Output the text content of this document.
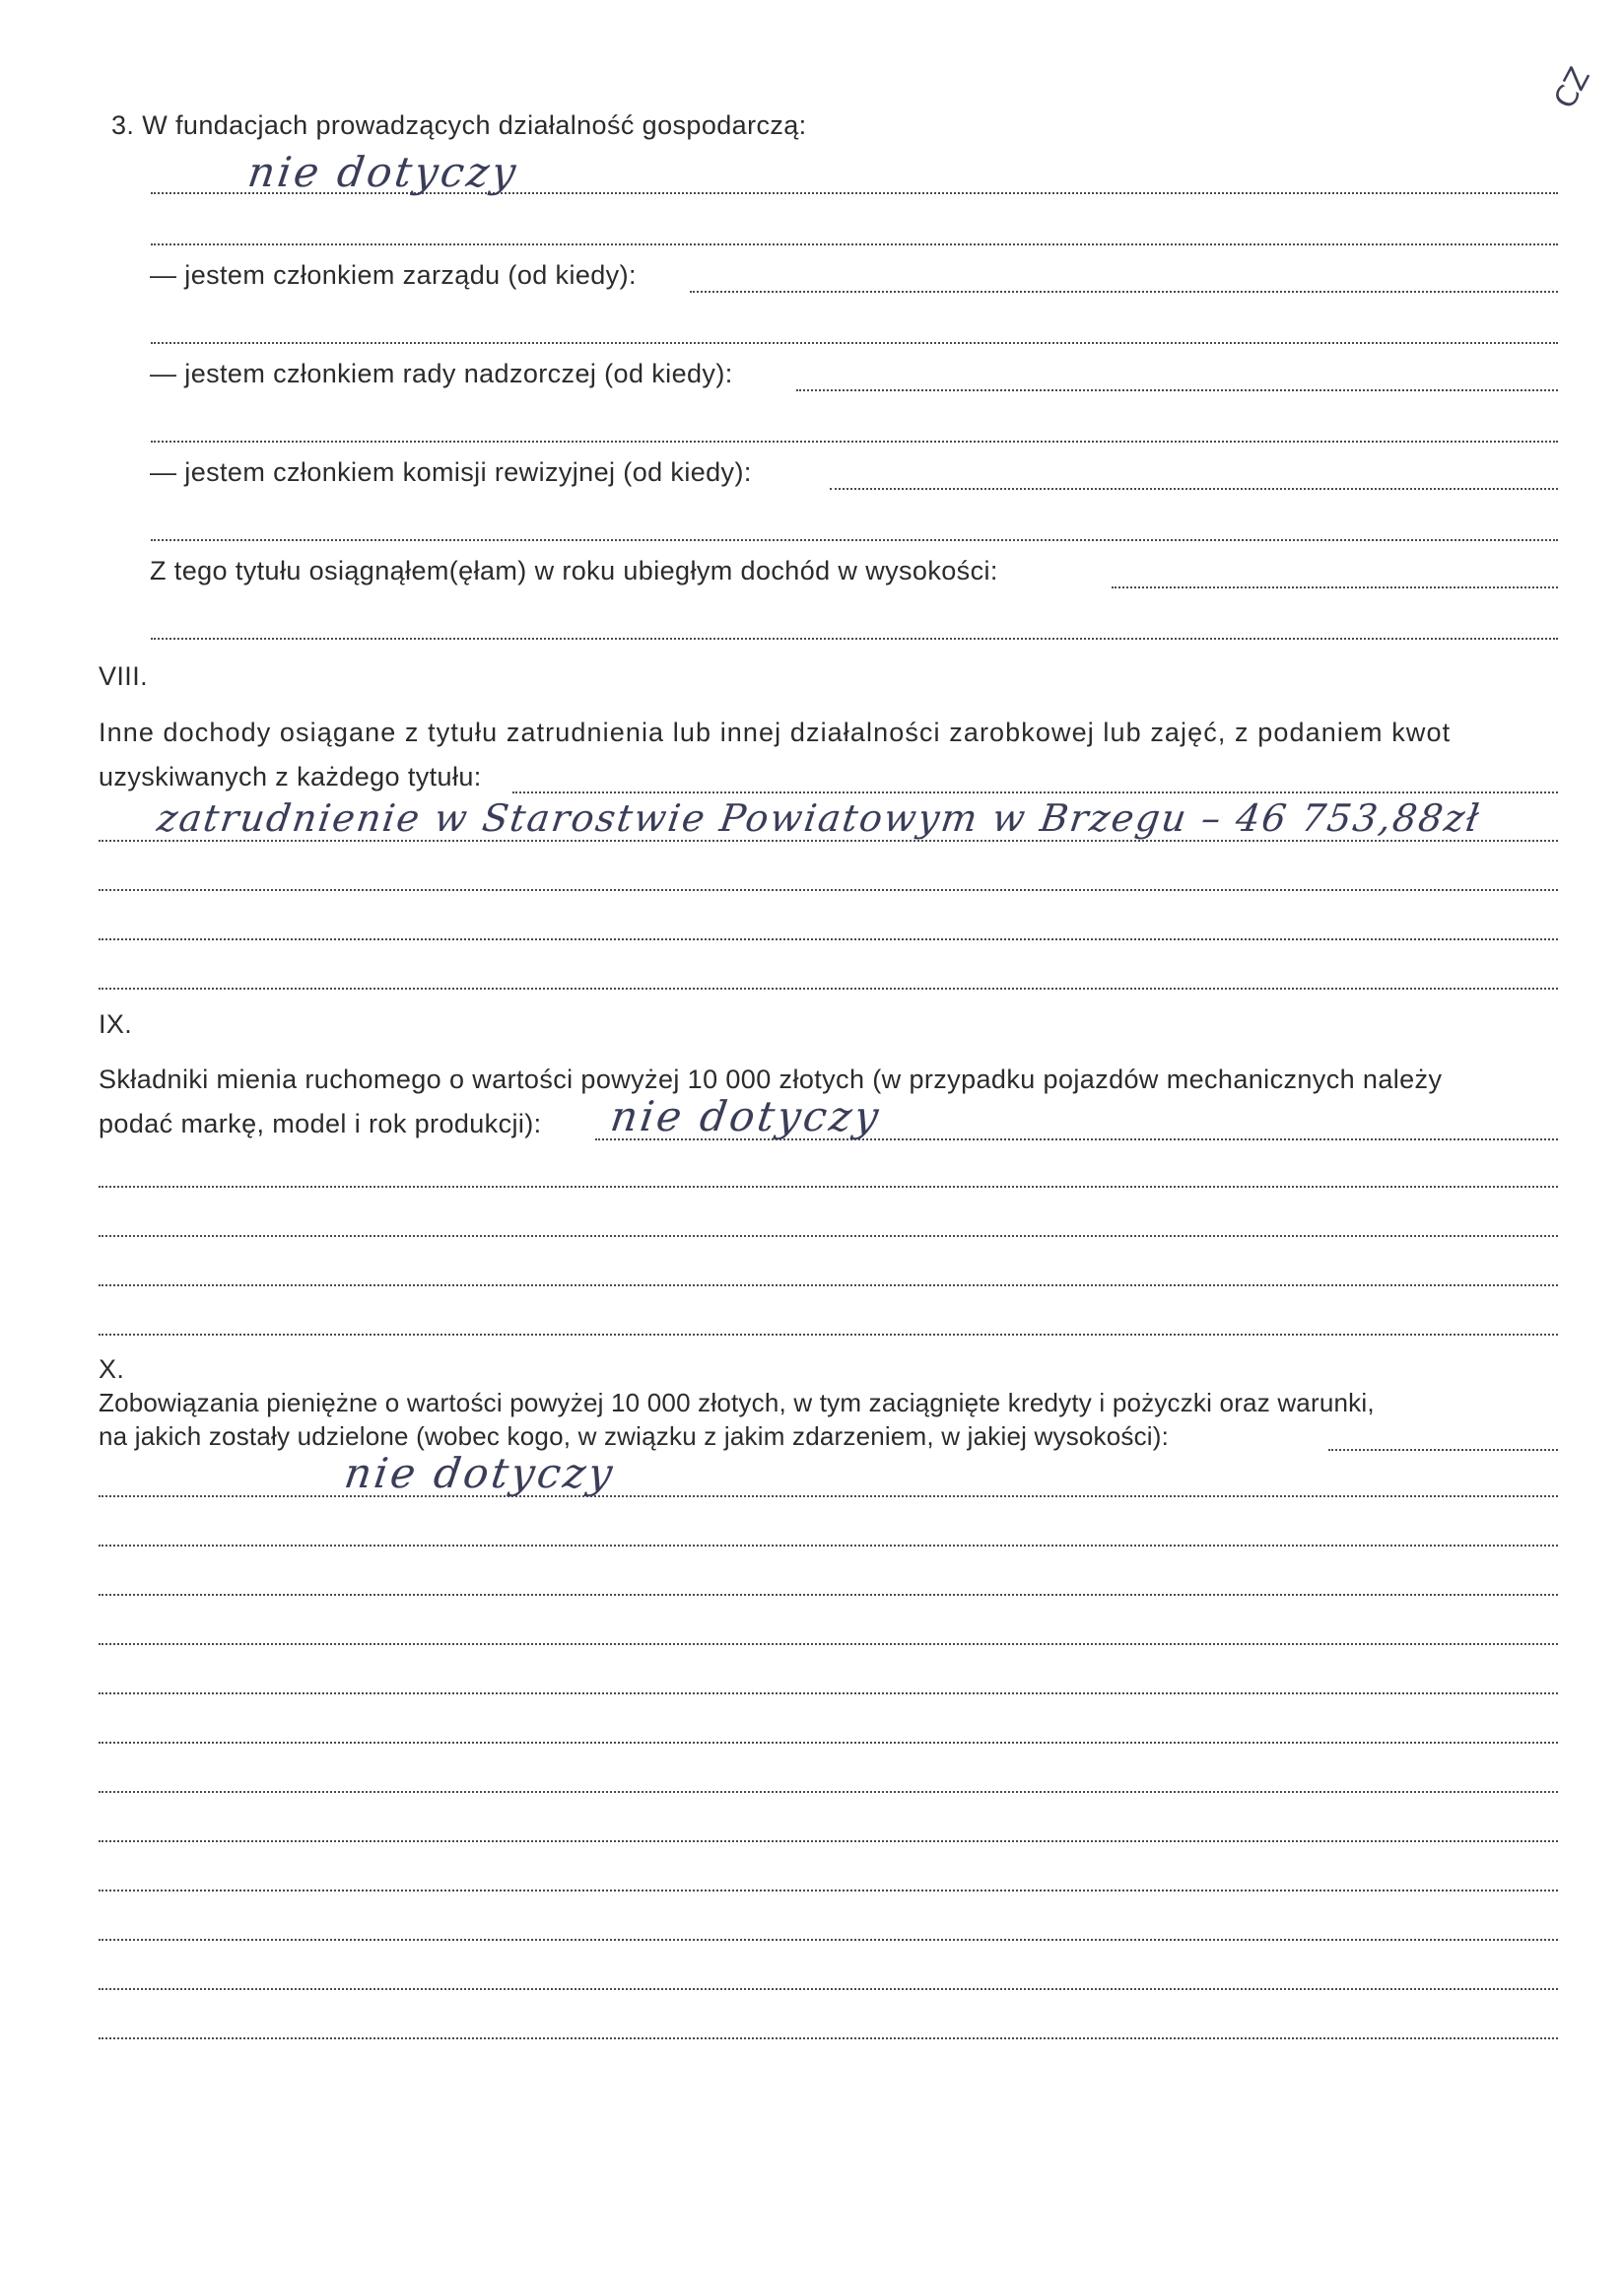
CZ
3. W fundacjach prowadzących działalność gospodarczą:
nie dotyczy
— jestem członkiem zarządu (od kiedy):
— jestem członkiem rady nadzorczej (od kiedy):
— jestem członkiem komisji rewizyjnej (od kiedy):
Z tego tytułu osiągnąłem(ęłam) w roku ubiegłym dochód w wysokości:
VIII.
Inne dochody osiągane z tytułu zatrudnienia lub innej działalności zarobkowej lub zajęć, z podaniem kwot
uzyskiwanych z każdego tytułu:
zatrudnienie w Starostwie Powiatowym w Brzegu – 46 753,88zł
IX.
Składniki mienia ruchomego o wartości powyżej 10 000 złotych (w przypadku pojazdów mechanicznych należy
podać markę, model i rok produkcji): nie dotyczy
X.
Zobowiązania pieniężne o wartości powyżej 10 000 złotych, w tym zaciągnięte kredyty i pożyczki oraz warunki,
na jakich zostały udzielone (wobec kogo, w związku z jakim zdarzeniem, w jakiej wysokości):
nie dotyczy
